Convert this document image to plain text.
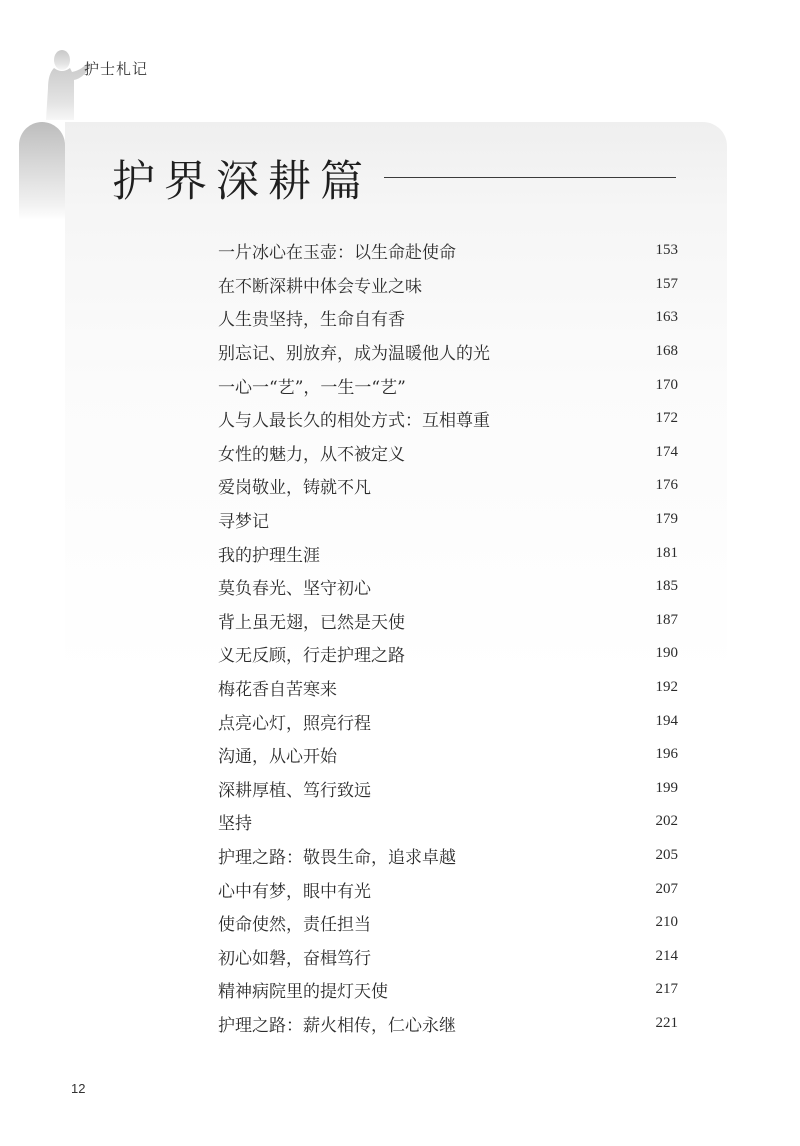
护士札记
护界深耕篇
一片冰心在玉壶：以生命赴使命	153
在不断深耕中体会专业之味	157
人生贵坚持，生命自有香	163
别忘记、别放弃，成为温暖他人的光	168
一心一“艺”，一生一“艺”	170
人与人最长久的相处方式：互相尊重	172
女性的魅力，从不被定义	174
爱岗敬业，铸就不凡	176
寻梦记	179
我的护理生涯	181
莫负春光、坚守初心	185
背上虽无翅，已然是天使	187
义无反顾，行走护理之路	190
梅花香自苦寒来	192
点亮心灯，照亮行程	194
沟通，从心开始	196
深耕厚植、笃行致远	199
坚持	202
护理之路：敬畏生命，追求卓越	205
心中有梦，眼中有光	207
使命使然，责任担当	210
初心如磐，奋楫笃行	214
精神病院里的提灯天使	217
护理之路：薪火相传，仁心永继	221
12
